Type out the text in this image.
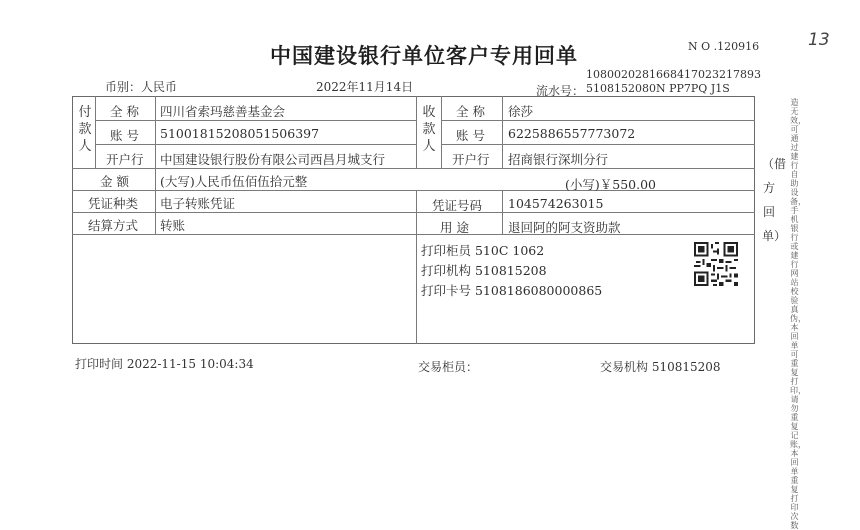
中国建设银行单位客户专用回单	N O .120916	13
币别：人民币	2022年11月14日
10800202816684170232​17893
流水号： 5108152080N PP7PQ J1S
付款人
全 称 四川省索玛慈善基金会
账 号 51001815208051506397
开户行 中国建设银行股份有限公司西昌月城支行
收款人
全 称 徐莎
账 号 6225886557773072
开户行 招商银行深圳分行
金 额 (大写)人民币伍佰伍拾元整	(小写)￥550.00
凭证种类 电子转账凭证	凭证号码 104574263015
结算方式 转账	用 途	退回阿的阿支资助款
打印柜员 510C 1062
打印机构 510815208
打印卡号 5108186080000865
打印时间 2022-11-15 10:04:34	交易柜员：	交易机构 510815208
（借方回单）
造无效，可通过建行自助设备，手机银行或建行网站校验真伪，本回单可重复打印，请勿重复记账，本回单重复打印次数
